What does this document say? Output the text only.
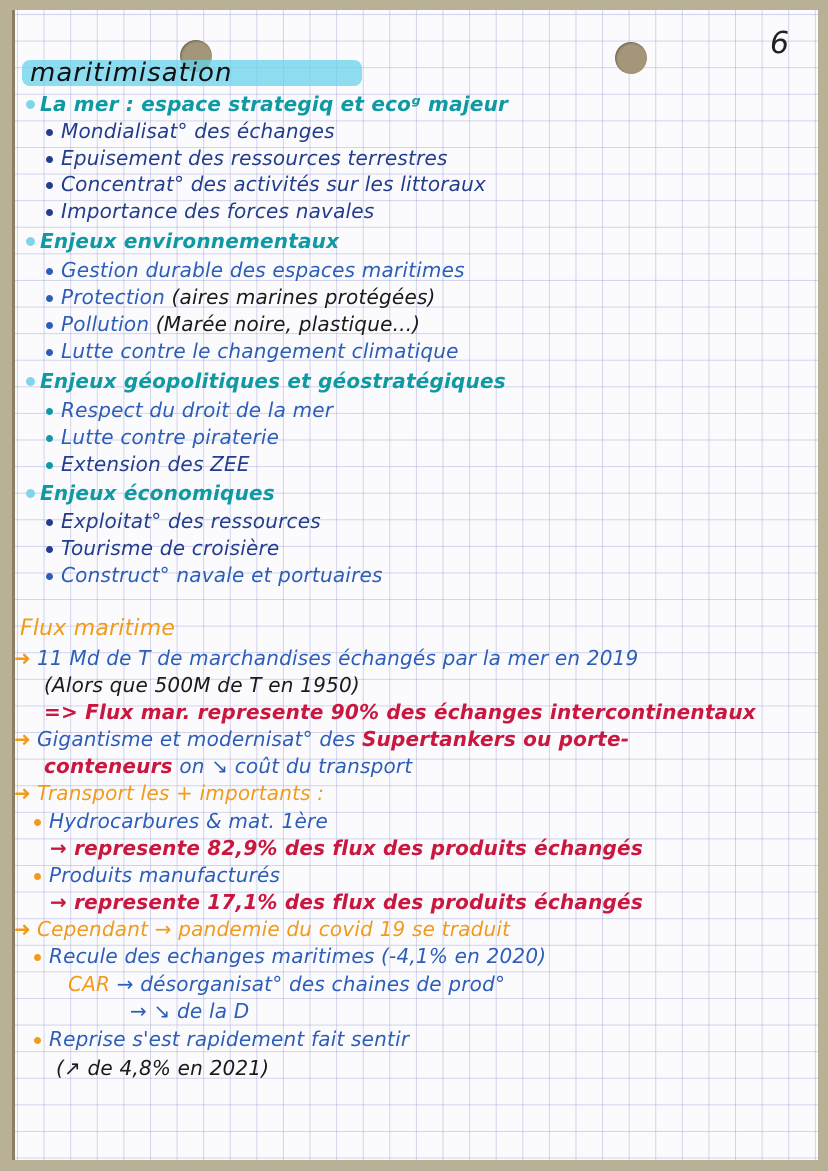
6
maritimisation
La mer : espace strategiq et ecoᵍ majeur
Mondialisat° des échanges
Epuisement des ressources terrestres
Concentrat° des activités sur les littoraux
Importance des forces navales
Enjeux environnementaux
Gestion durable des espaces maritimes
Protection (aires marines protégées)
Pollution (Marée noire, plastique...)
Lutte contre le changement climatique
Enjeux géopolitiques et géostratégiques
Respect du droit de la mer
Lutte contre piraterie
Extension des ZEE
Enjeux économiques
Exploitat° des ressources
Tourisme de croisière
Construct° navale et portuaires
Flux maritime
➜ 11 Md de T de marchandises échangés par la mer en 2019
(Alors que 500M de T en 1950)
=> Flux mar. represente 90% des échanges intercontinentaux
➜ Gigantisme et modernisat° des Supertankers ou porte-
conteneurs on ↘ coût du transport
➜ Transport les + importants :
Hydrocarbures & mat. 1ère
→ represente 82,9% des flux des produits échangés
Produits manufacturés
→ represente 17,1% des flux des produits échangés
➜ Cependant → pandemie du covid 19 se traduit
Recule des echanges maritimes (-4,1% en 2020)
CAR → désorganisat° des chaines de prod°
→ ↘ de la D
Reprise s'est rapidement fait sentir
(↗ de 4,8% en 2021)
